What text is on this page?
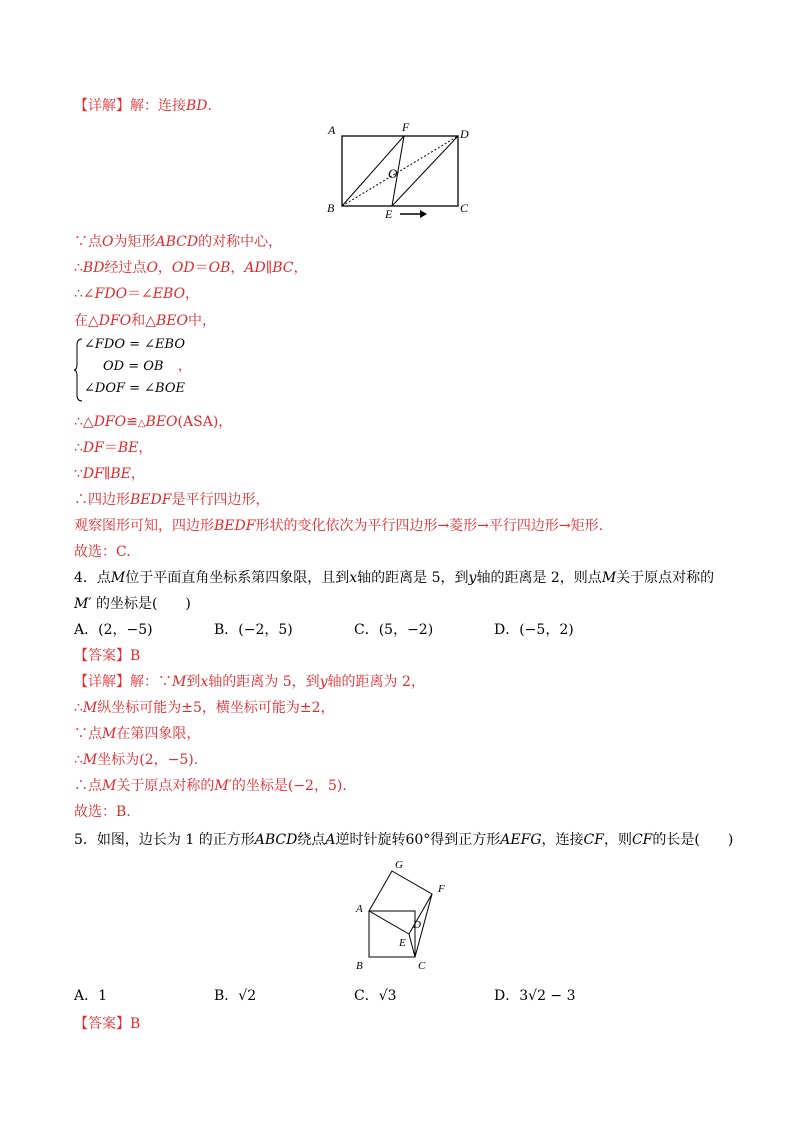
【详解】解：连接BD.
A	F	D
O
B	E	C
∵点O为矩形ABCD的对称中心，
∴BD经过点O，OD＝OB，AD∥BC，
∴∠FDO＝∠EBO，
在△DFO和△BEO中，
∠FDO = ∠EBO
OD = OB
∠DOF = ∠BOE
，
∴△DFO≌△BEO(ASA)，
∴DF＝BE，
∵DF∥BE，
∴四边形BEDF是平行四边形，
观察图形可知，四边形BEDF形状的变化依次为平行四边形→菱形→平行四边形→矩形.
故选：C.
4．点M位于平面直角坐标系第四象限，且到x轴的距离是 5，到y轴的距离是 2，则点M关于原点对称的
M′ 的坐标是(　　)
A．(2，−5)	B．(−2，5)	C．(5，−2)	D．(−5，2)
【答案】B
【详解】解：∵M到x轴的距离为 5，到y轴的距离为 2，
∴M纵坐标可能为±5，横坐标可能为±2，
∵点M在第四象限，
∴M坐标为(2，−5).
∴点M关于原点对称的M′的坐标是(−2，5).
故选：B.
5．如图，边长为 1 的正方形ABCD绕点A逆时针旋转60°得到正方形AEFG，连接CF，则CF的长是(　　)
G
F
A
D
E
B	C
A．1	B．√2	C．√3	D．3√2 − 3
【答案】B
